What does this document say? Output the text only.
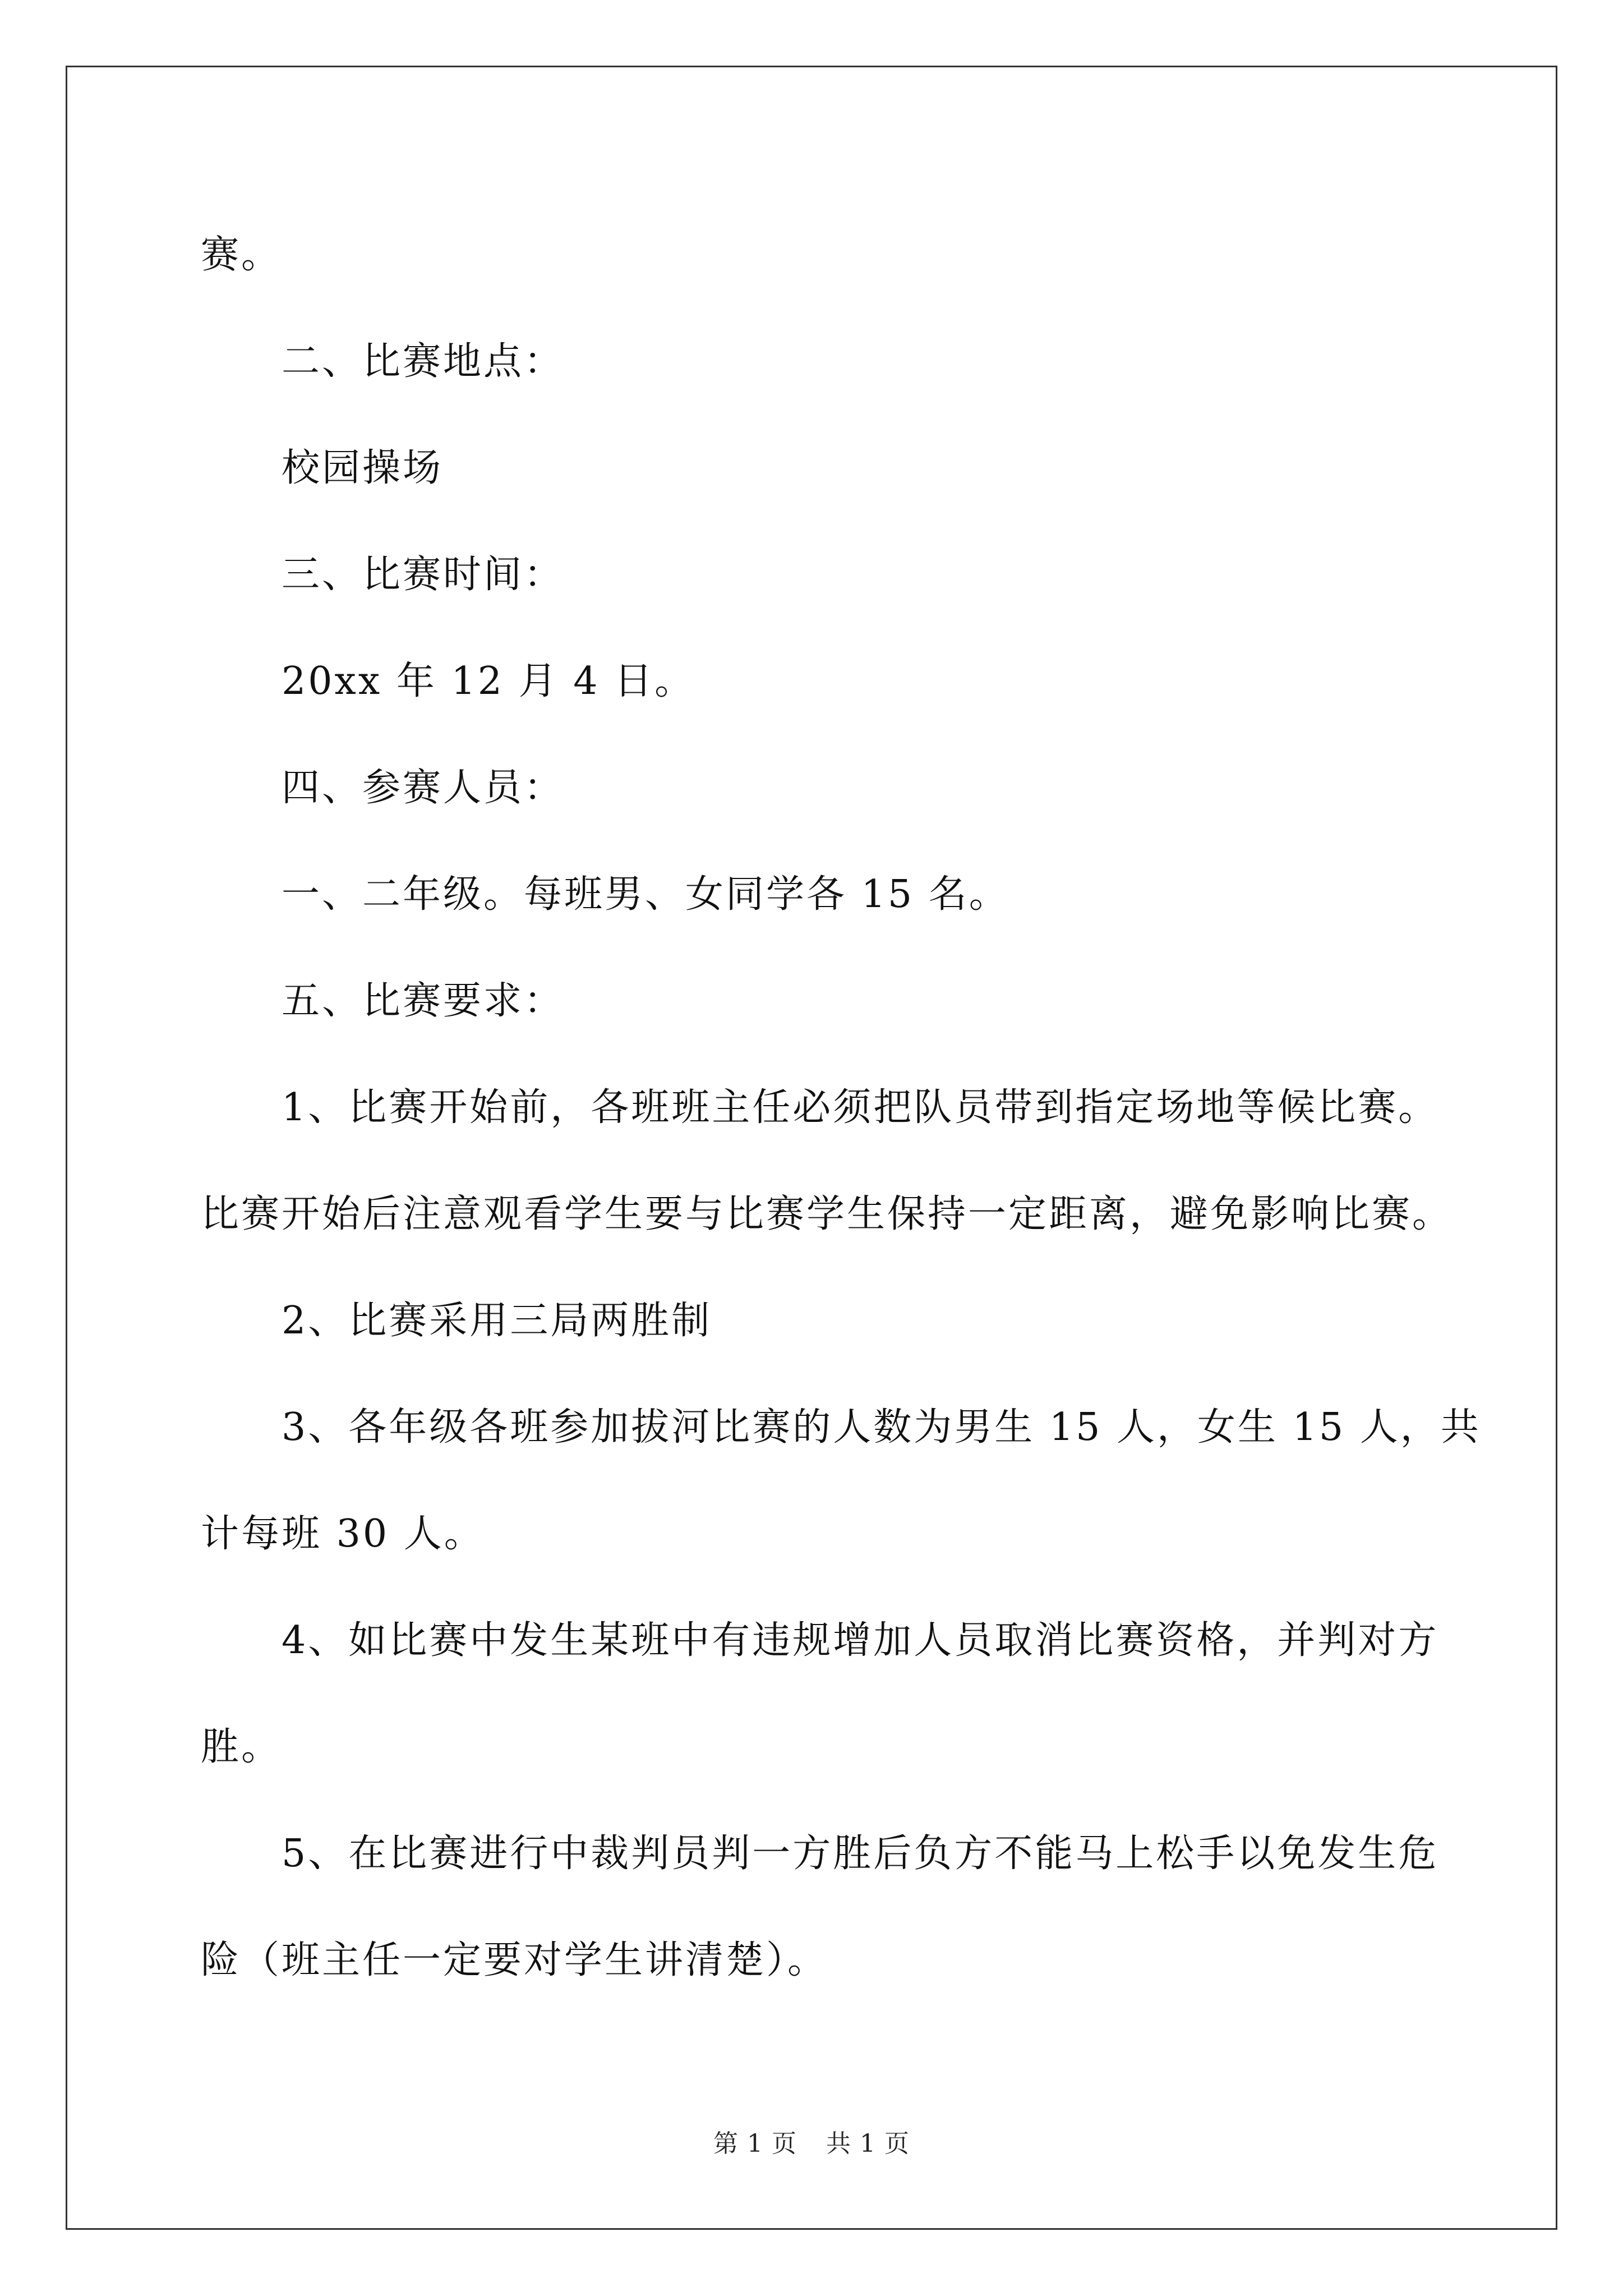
赛。

二、比赛地点：

校园操场

三、比赛时间：

20xx 年 12 月 4 日。

四、参赛人员：

一、二年级。每班男、女同学各 15 名。

五、比赛要求：

1、比赛开始前，各班班主任必须把队员带到指定场地等候比赛。

比赛开始后注意观看学生要与比赛学生保持一定距离，避免影响比赛。

2、比赛采用三局两胜制

3、各年级各班参加拔河比赛的人数为男生 15 人，女生 15 人，共

计每班 30 人。

4、如比赛中发生某班中有违规增加人员取消比赛资格，并判对方

胜。

5、在比赛进行中裁判员判一方胜后负方不能马上松手以免发生危

险（班主任一定要对学生讲清楚）。

第 1 页 共 1 页
